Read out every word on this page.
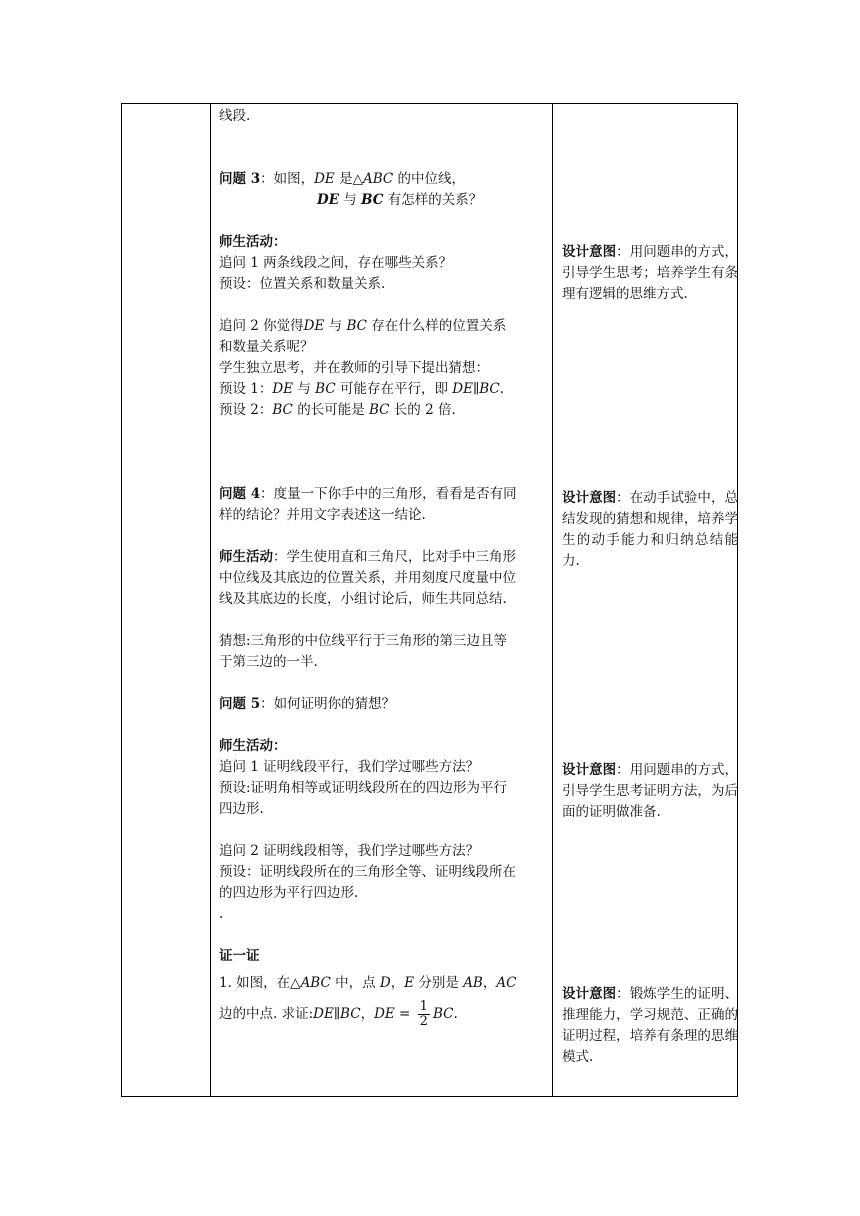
线段.

问题 3：如图，DE 是△ABC 的中位线，

DE 与 BC 有怎样的关系？

师生活动：

追问 1 两条线段之间，存在哪些关系？

预设：位置关系和数量关系.

追问 2 你觉得DE 与 BC 存在什么样的位置关系

和数量关系呢？

学生独立思考，并在教师的引导下提出猜想：

预设 1：DE 与 BC 可能存在平行，即 DE∥BC.

预设 2：BC 的长可能是 BC 长的 2 倍.

问题 4：度量一下你手中的三角形，看看是否有同

样的结论？并用文字表述这一结论.

师生活动：学生使用直和三角尺，比对手中三角形

中位线及其底边的位置关系，并用刻度尺度量中位

线及其底边的长度，小组讨论后，师生共同总结.

猜想:三角形的中位线平行于三角形的第三边且等

于第三边的一半.

问题 5：如何证明你的猜想？

师生活动：

追问 1 证明线段平行，我们学过哪些方法？

预设:证明角相等或证明线段所在的四边形为平行

四边形.

追问 2 证明线段相等，我们学过哪些方法？

预设：证明线段所在的三角形全等、证明线段所在

的四边形为平行四边形.

.

证一证

1. 如图，在△ABC 中，点 D，E 分别是 AB，AC

边的中点. 求证:DE∥BC，DE = $\frac{1}{2}$ BC.

设计意图：用问题串的方式，引导学生思考；培养学生有条理有逻辑的思维方式.

设计意图：在动手试验中，总结发现的猜想和规律，培养学生的动手能力和归纳总结能力.

设计意图：用问题串的方式，引导学生思考证明方法，为后面的证明做准备.

设计意图：锻炼学生的证明、推理能力，学习规范、正确的证明过程，培养有条理的思维模式.
